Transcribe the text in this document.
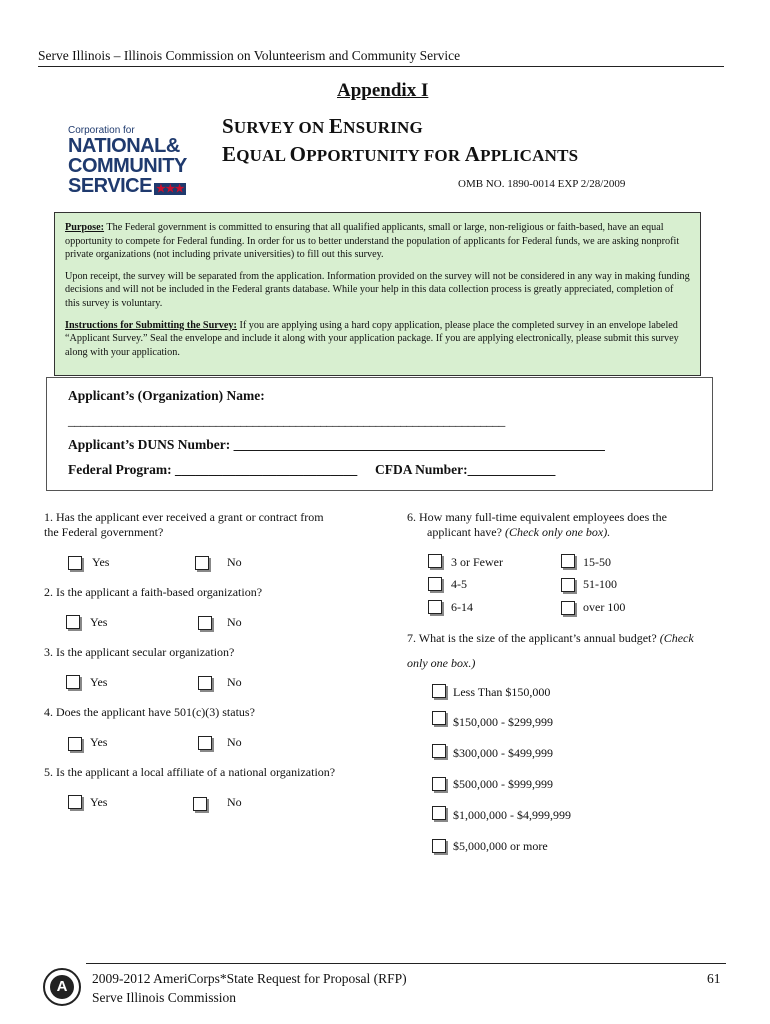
Serve Illinois – Illinois Commission on Volunteerism and Community Service
Appendix I
Corporation for
NATIONAL&
COMMUNITY
SERVICE ★★★
SURVEY ON ENSURING
EQUAL OPPORTUNITY FOR APPLICANTS
OMB NO. 1890-0014 EXP 2/28/2009

Purpose: The Federal government is committed to ensuring that all qualified applicants, small or large, non-religious or faith-based, have an equal opportunity to compete for Federal funding. In order for us to better understand the population of applicants for Federal funds, we are asking nonprofit private organizations (not including private universities) to fill out this survey.

Upon receipt, the survey will be separated from the application. Information provided on the survey will not be considered in any way in making funding decisions and will not be included in the Federal grants database. While your help in this data collection process is greatly appreciated, completion of this survey is voluntary.

Instructions for Submitting the Survey: If you are applying using a hard copy application, please place the completed survey in an envelope labeled “Applicant Survey.” Seal the envelope and include it along with your application package. If you are applying electronically, please submit this survey along with your application.

Applicant’s (Organization) Name:
_______________________________________________________________________
Applicant’s DUNS Number: _______________________________________________________
Federal Program: ___________________________ CFDA Number:_____________
1. Has the applicant ever received a grant or contract from
the Federal government?
Yes	No
2. Is the applicant a faith-based organization?
Yes	No
3. Is the applicant secular organization?
Yes	No
4. Does the applicant have 501(c)(3) status?
Yes	No
5. Is the applicant a local affiliate of a national organization?
Yes	No
6. How many full-time equivalent employees does the
applicant have? (Check only one box).
3 or Fewer	15-50
4-5	51-100
6-14	over 100
7. What is the size of the applicant’s annual budget? (Check
only one box.)
Less Than $150,000
$150,000 - $299,999
$300,000 - $499,999
$500,000 - $999,999
$1,000,000 - $4,999,999
$5,000,000 or more
A	2009-2012 AmeriCorps*State Request for Proposal (RFP)
Serve Illinois Commission
61
